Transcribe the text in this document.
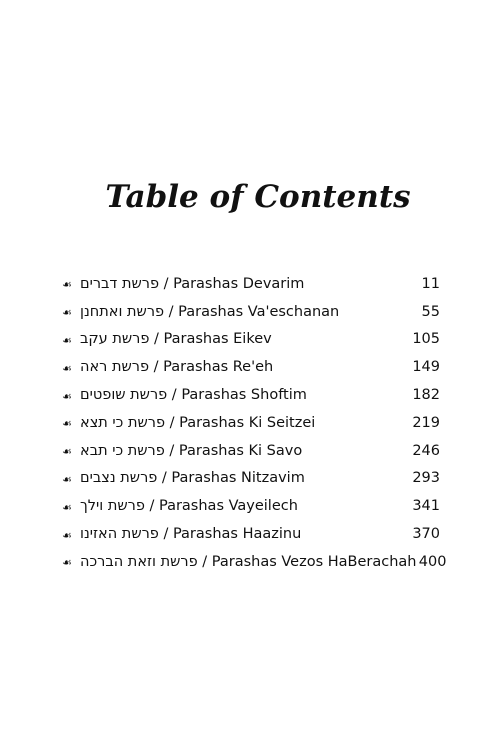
Table of Contents
☙ פרשת דברים / Parashas Devarim	11
☙ פרשת ואתחנן / Parashas Va'eschanan	55
☙ פרשת עקב / Parashas Eikev	105
☙ פרשת ראה / Parashas Re'eh	149
☙ פרשת שופטים / Parashas Shoftim	182
☙ פרשת כי תצא / Parashas Ki Seitzei	219
☙ פרשת כי תבא / Parashas Ki Savo	246
☙ פרשת נצבים / Parashas Nitzavim	293
☙ פרשת וילך / Parashas Vayeilech	341
☙ פרשת האזינו / Parashas Haazinu	370
☙ פרשת וזאת הברכה / Parashas Vezos HaBerachah 400
